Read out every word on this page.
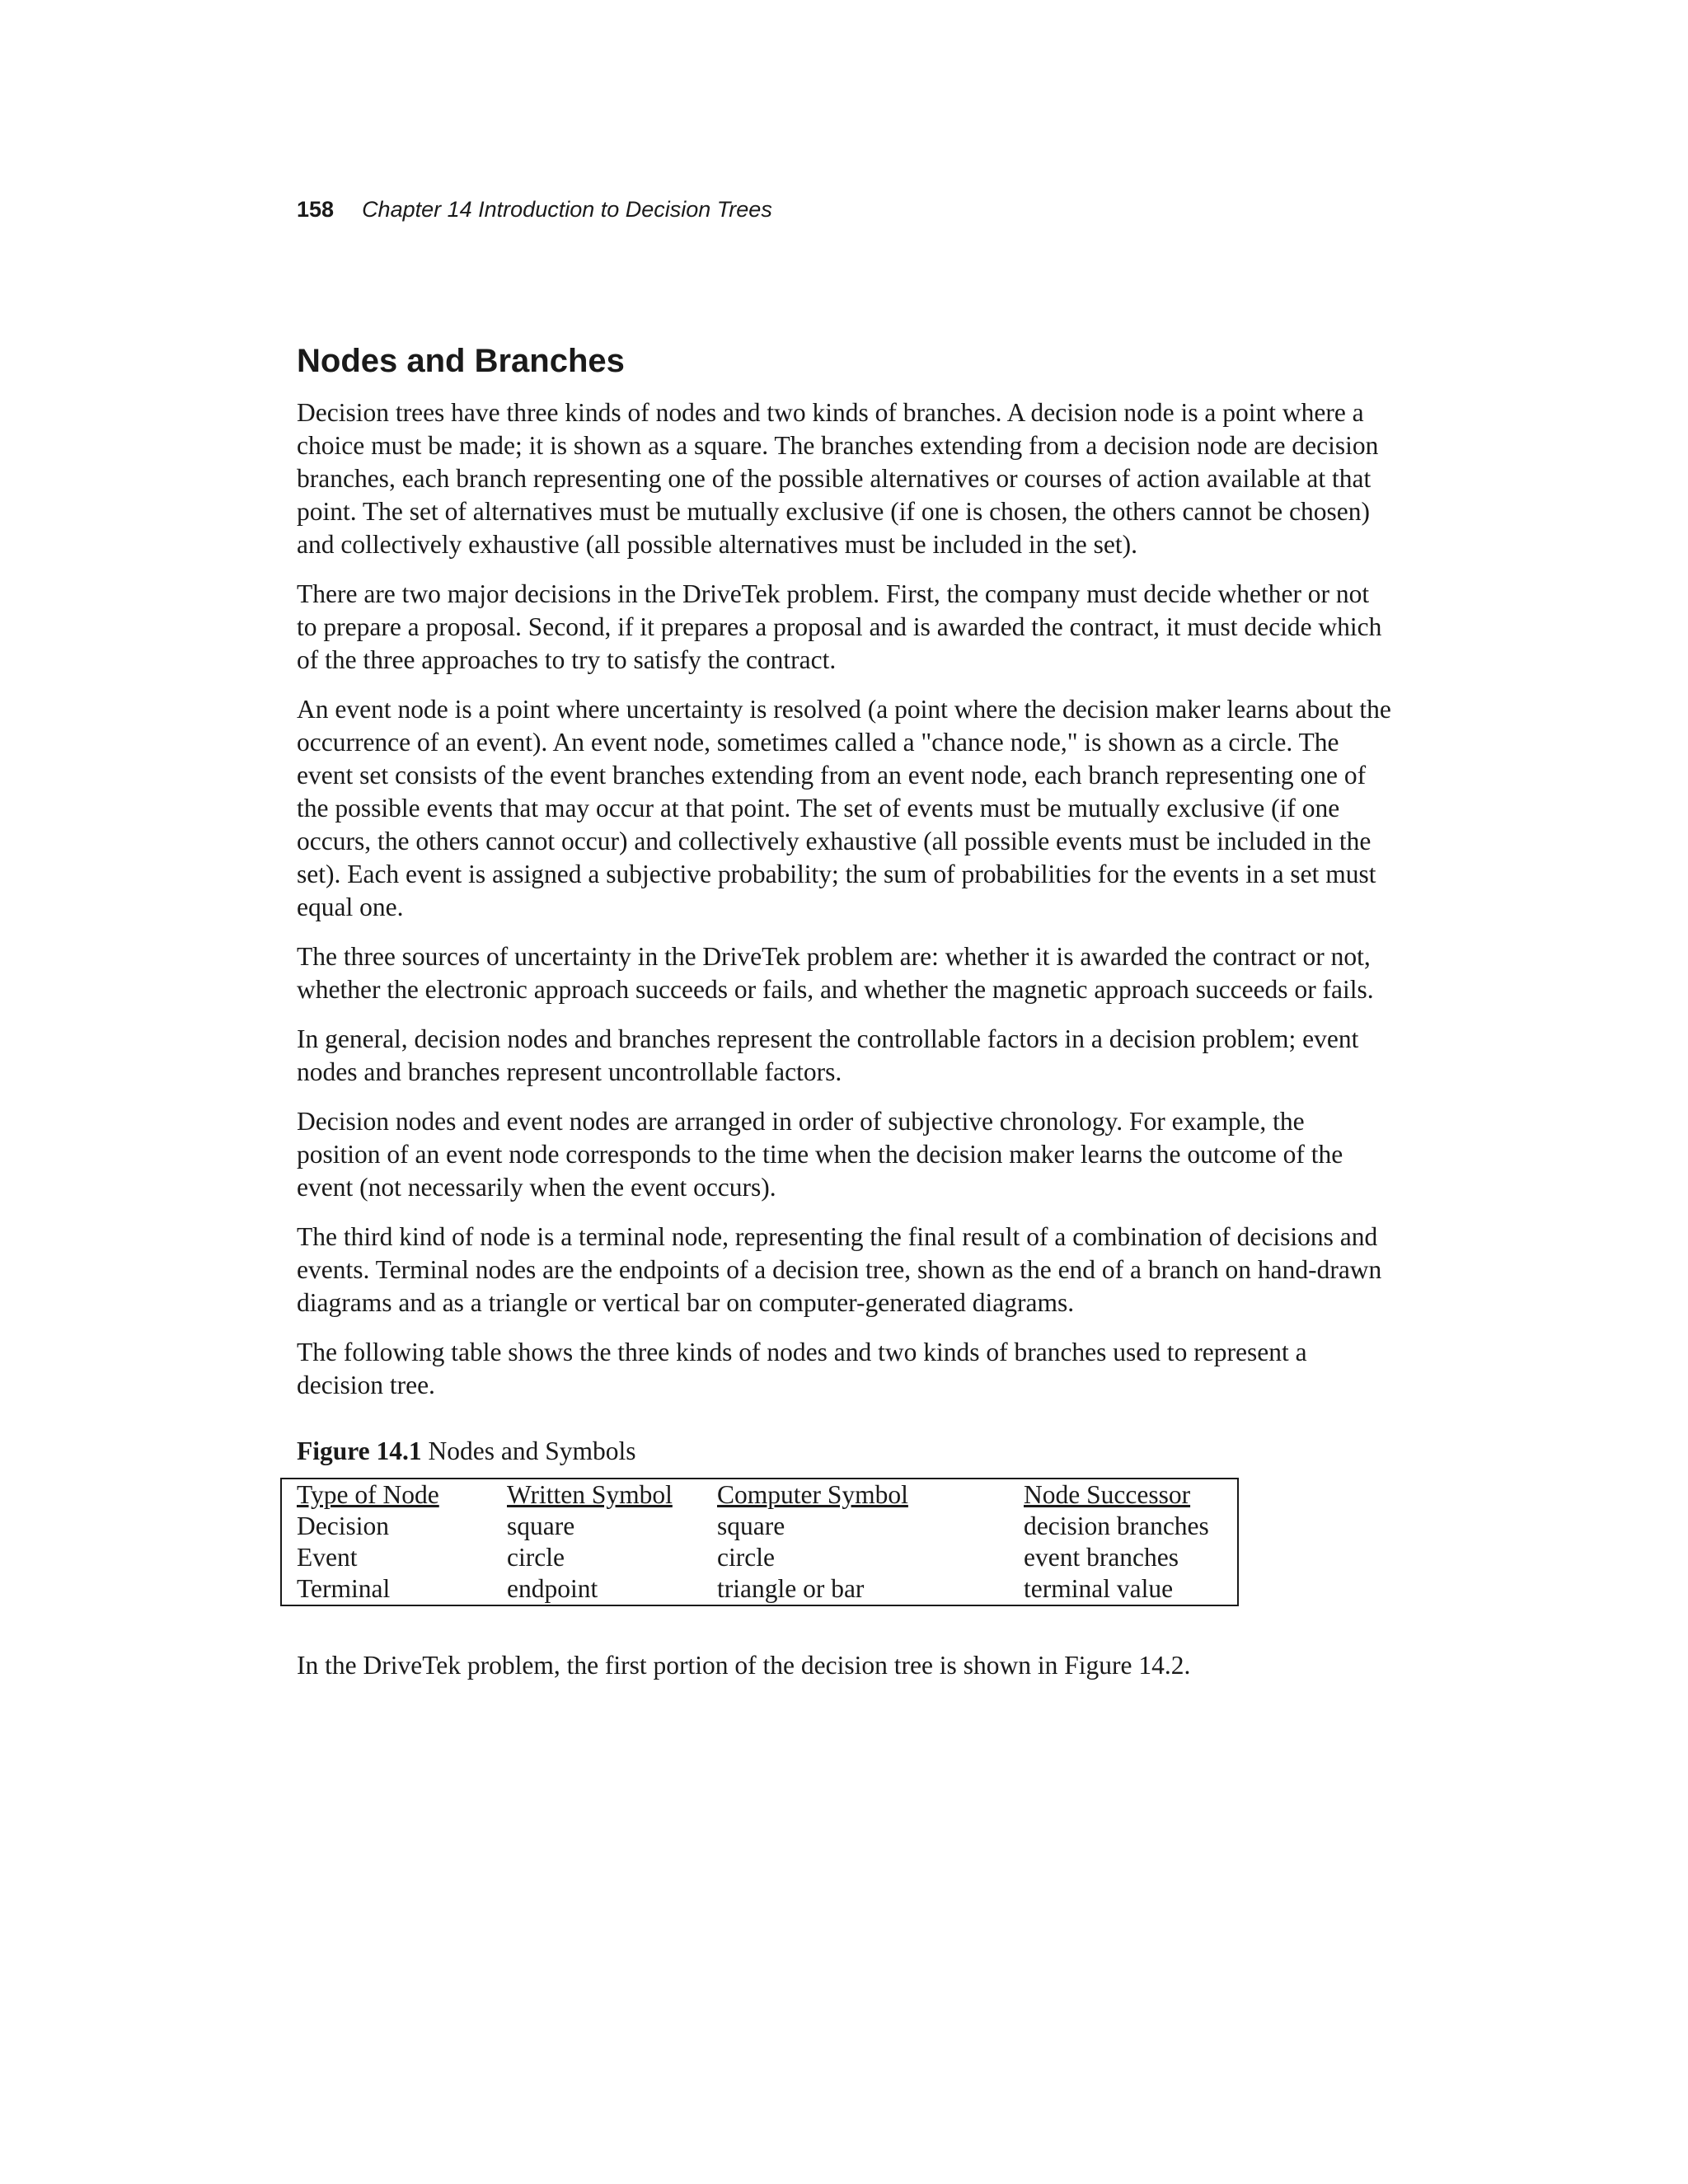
158 Chapter 14 Introduction to Decision Trees
Nodes and Branches

Decision trees have three kinds of nodes and two kinds of branches. A decision node is a point where a choice must be made; it is shown as a square. The branches extending from a decision node are decision branches, each branch representing one of the possible alternatives or courses of action available at that point. The set of alternatives must be mutually exclusive (if one is chosen, the others cannot be chosen) and collectively exhaustive (all possible alternatives must be included in the set).

There are two major decisions in the DriveTek problem. First, the company must decide whether or not to prepare a proposal. Second, if it prepares a proposal and is awarded the contract, it must decide which of the three approaches to try to satisfy the contract.

An event node is a point where uncertainty is resolved (a point where the decision maker learns about the occurrence of an event). An event node, sometimes called a "chance node," is shown as a circle. The event set consists of the event branches extending from an event node, each branch representing one of the possible events that may occur at that point. The set of events must be mutually exclusive (if one occurs, the others cannot occur) and collectively exhaustive (all possible events must be included in the set). Each event is assigned a subjective probability; the sum of probabilities for the events in a set must equal one.

The three sources of uncertainty in the DriveTek problem are: whether it is awarded the contract or not, whether the electronic approach succeeds or fails, and whether the magnetic approach succeeds or fails.

In general, decision nodes and branches represent the controllable factors in a decision problem; event nodes and branches represent uncontrollable factors.

Decision nodes and event nodes are arranged in order of subjective chronology. For example, the position of an event node corresponds to the time when the decision maker learns the outcome of the event (not necessarily when the event occurs).

The third kind of node is a terminal node, representing the final result of a combination of decisions and events. Terminal nodes are the endpoints of a decision tree, shown as the end of a branch on hand-drawn diagrams and as a triangle or vertical bar on computer-generated diagrams.

The following table shows the three kinds of nodes and two kinds of branches used to represent a decision tree.

Figure 14.1 Nodes and Symbols
Type of Node	Written Symbol	Computer Symbol	Node Successor
Decision	square	square	decision branches
Event	circle	circle	event branches
Terminal	endpoint	triangle or bar	terminal value

In the DriveTek problem, the first portion of the decision tree is shown in Figure 14.2.
